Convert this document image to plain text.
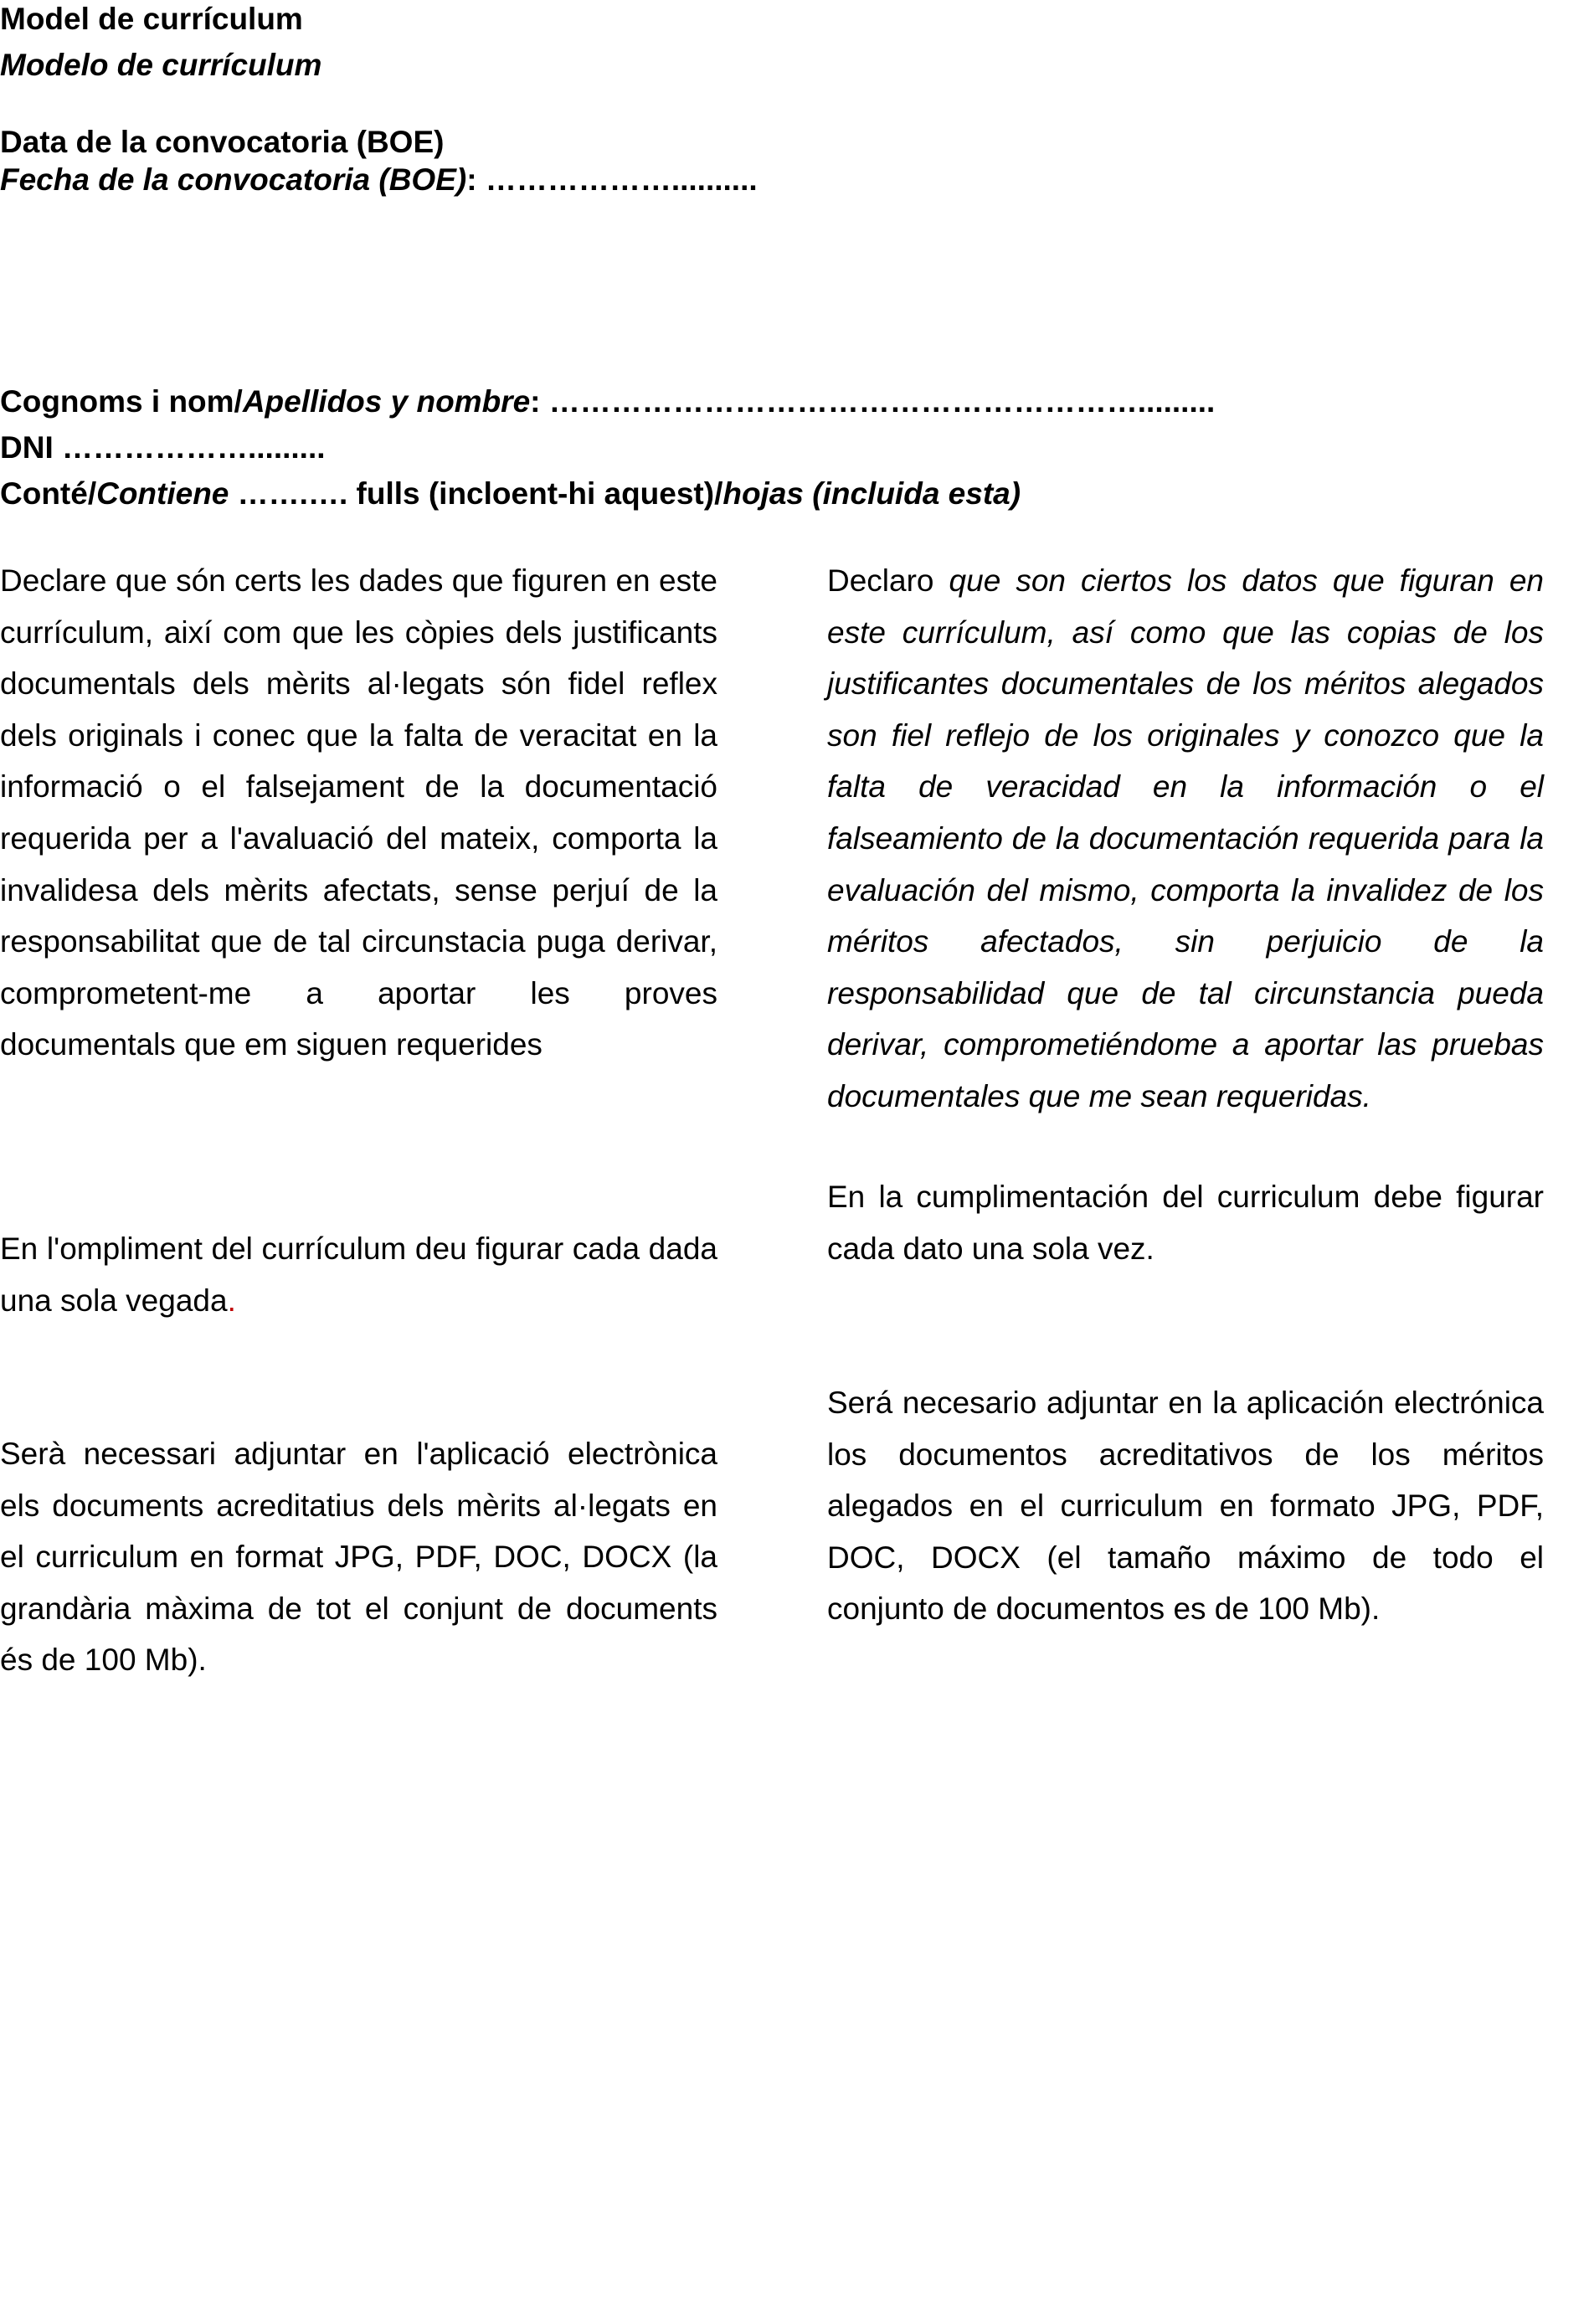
Model de currículum

Modelo de currículum

Data de la convocatoria (BOE)

Fecha de la convocatoria (BOE): ………………..........

Cognoms i nom/Apellidos y nombre: ………………………………………………….........

DNI ……………….........

Conté/Contiene …….…. fulls (incloent-hi aquest)/hojas (incluida esta)

Declare que són certs les dades que figuren en este currículum, així com que les còpies dels justificants documentals dels mèrits al·legats són fidel reflex dels originals i conec que la falta de veracitat en la informació o el falsejament de la documentació requerida per a l'avaluació del mateix, comporta la invalidesa dels mèrits afectats, sense perjuí de la responsabilitat que de tal circunstacia puga derivar, comprometent-me a aportar les proves documentals que em siguen requerides

En l'ompliment del currículum deu figurar cada dada una sola vegada.

Serà necessari adjuntar en l'aplicació electrònica els documents acreditatius dels mèrits al·legats en el curriculum en format JPG, PDF, DOC, DOCX (la grandària màxima de tot el conjunt de documents és de 100 Mb).

Declaro que son ciertos los datos que figuran en este currículum, así como que las copias de los justificantes documentales de los méritos alegados son fiel reflejo de los originales y conozco que la falta de veracidad en la información o el falseamiento de la documentación requerida para la evaluación del mismo, comporta la invalidez de los méritos afectados, sin perjuicio de la responsabilidad que de tal circunstancia pueda derivar, comprometiéndome a aportar las pruebas documentales que me sean requeridas.

En la cumplimentación del curriculum debe figurar cada dato una sola vez.

Será necesario adjuntar en la aplicación electrónica los documentos acreditativos de los méritos alegados en el curriculum en formato JPG, PDF, DOC, DOCX (el tamaño máximo de todo el conjunto de documentos es de 100 Mb).
